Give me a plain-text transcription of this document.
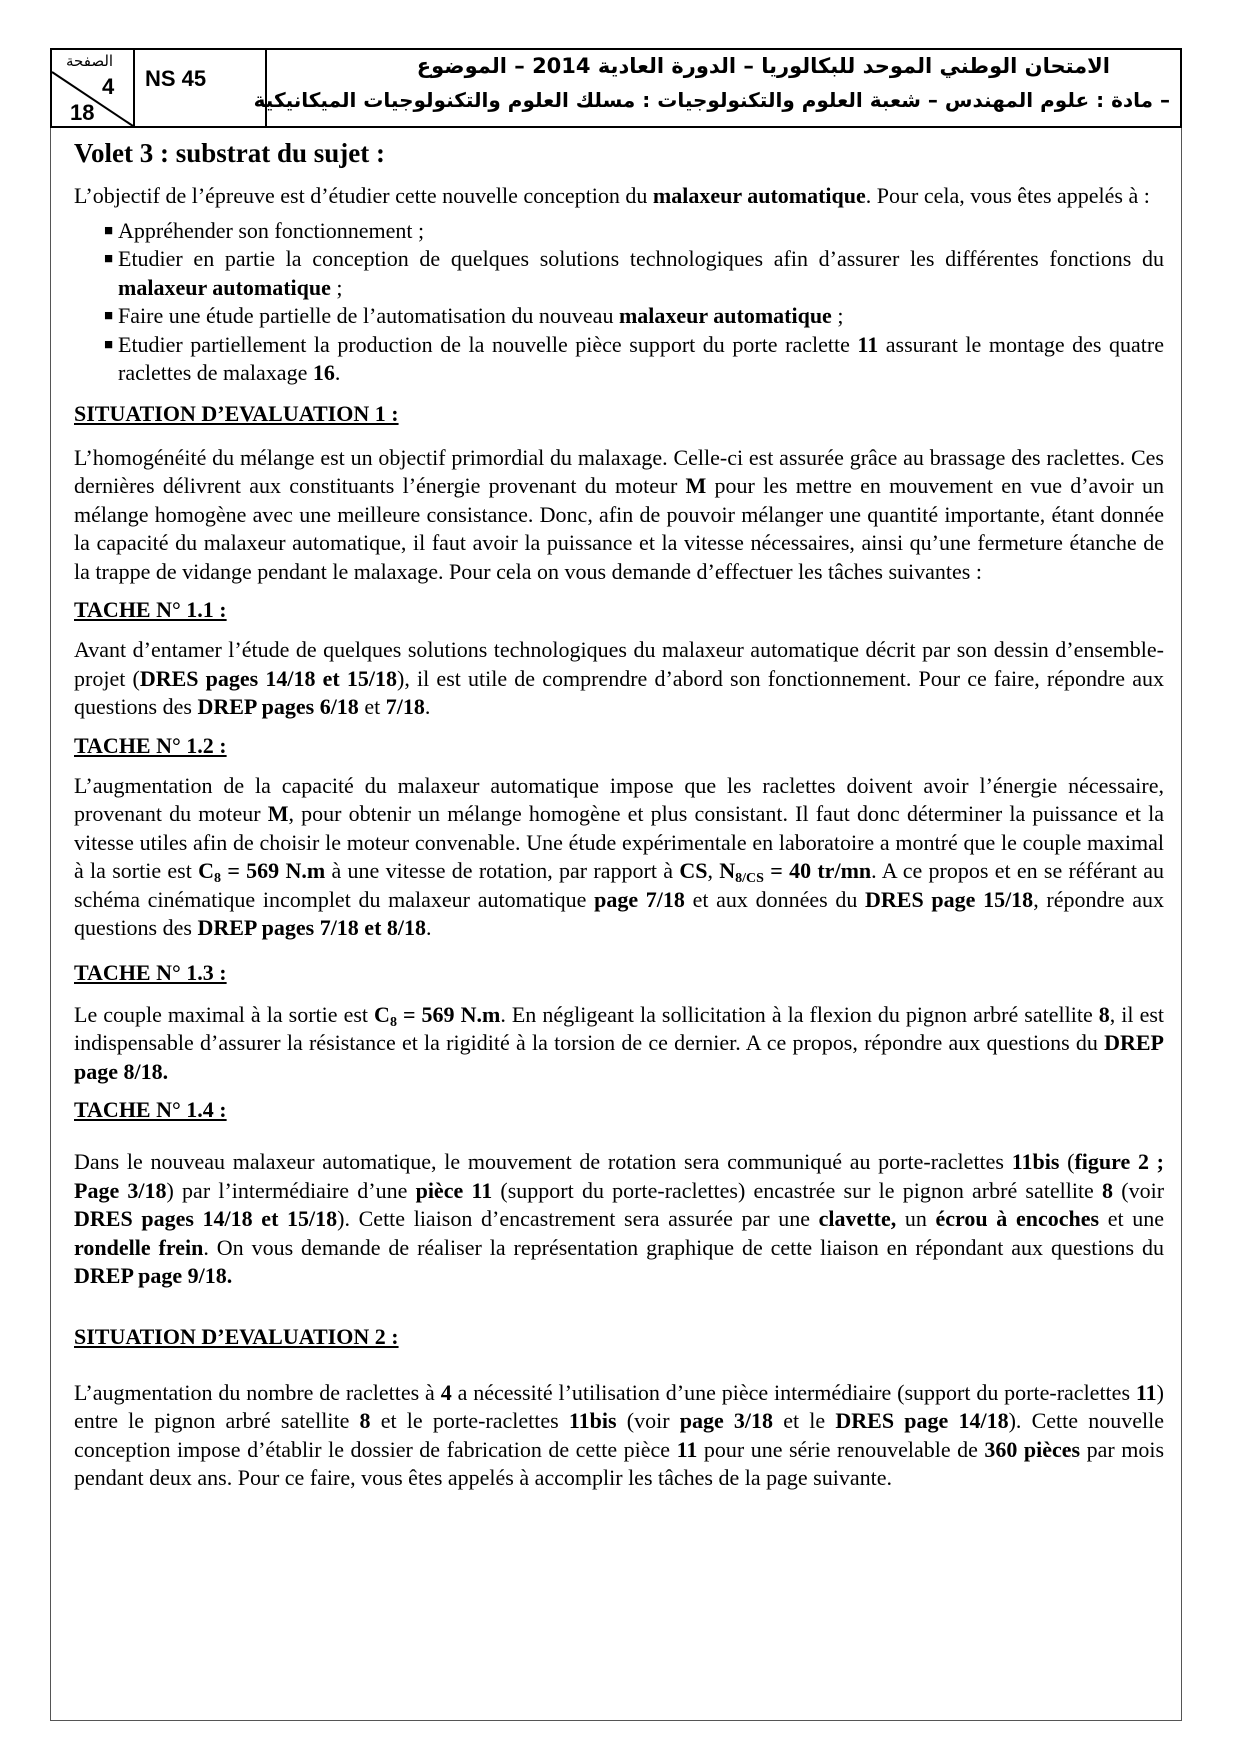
الصفحة
4
18
NS 45	الامتحان الوطني الموحد للبكالوريا – الدورة العادية 2014 – الموضوع
– مادة : علوم المهندس – شعبة العلوم والتكنولوجيات : مسلك العلوم والتكنولوجيات الميكانيكية
Volet 3 : substrat du sujet :

L’objectif de l’épreuve est d’étudier cette nouvelle conception du malaxeur automatique. Pour cela, vous êtes appelés à :

■ Appréhender son fonctionnement ;
■ Etudier en partie la conception de quelques solutions technologiques afin d’assurer les différentes fonctions du malaxeur automatique ;
■ Faire une étude partielle de l’automatisation du nouveau malaxeur automatique ;
■ Etudier partiellement la production de la nouvelle pièce support du porte raclette 11 assurant le montage des quatre raclettes de malaxage 16.
SITUATION D’EVALUATION 1 :

L’homogénéité du mélange est un objectif primordial du malaxage. Celle-ci est assurée grâce au brassage des raclettes. Ces dernières délivrent aux constituants l’énergie provenant du moteur M pour les mettre en mouvement en vue d’avoir un mélange homogène avec une meilleure consistance. Donc, afin de pouvoir mélanger une quantité importante, étant donnée la capacité du malaxeur automatique, il faut avoir la puissance et la vitesse nécessaires, ainsi qu’une fermeture étanche de la trappe de vidange pendant le malaxage. Pour cela on vous demande d’effectuer les tâches suivantes :

TACHE N° 1.1 :

Avant d’entamer l’étude de quelques solutions technologiques du malaxeur automatique décrit par son dessin d’ensemble-projet (DRES pages 14/18 et 15/18), il est utile de comprendre d’abord son fonctionnement. Pour ce faire, répondre aux questions des DREP pages 6/18 et 7/18.

TACHE N° 1.2 :

L’augmentation de la capacité du malaxeur automatique impose que les raclettes doivent avoir l’énergie nécessaire, provenant du moteur M, pour obtenir un mélange homogène et plus consistant. Il faut donc déterminer la puissance et la vitesse utiles afin de choisir le moteur convenable. Une étude expérimentale en laboratoire a montré que le couple maximal à la sortie est $C_8 = 569$ N.m à une vitesse de rotation, par rapport à CS, $N_{8/CS} = 40$ tr/mn. A ce propos et en se référant au schéma cinématique incomplet du malaxeur automatique page 7/18 et aux données du DRES page 15/18, répondre aux questions des DREP pages 7/18 et 8/18.

TACHE N° 1.3 :

Le couple maximal à la sortie est $C_8 = 569$ N.m. En négligeant la sollicitation à la flexion du pignon arbré satellite 8, il est indispensable d’assurer la résistance et la rigidité à la torsion de ce dernier. A ce propos, répondre aux questions du DREP page 8/18.

TACHE N° 1.4 :

Dans le nouveau malaxeur automatique, le mouvement de rotation sera communiqué au porte-raclettes 11bis (figure 2 ; Page 3/18) par l’intermédiaire d’une pièce 11 (support du porte-raclettes) encastrée sur le pignon arbré satellite 8 (voir DRES pages 14/18 et 15/18). Cette liaison d’encastrement sera assurée par une clavette, un écrou à encoches et une rondelle frein. On vous demande de réaliser la représentation graphique de cette liaison en répondant aux questions du DREP page 9/18.

SITUATION D’EVALUATION 2 :

L’augmentation du nombre de raclettes à 4 a nécessité l’utilisation d’une pièce intermédiaire (support du porte-raclettes 11) entre le pignon arbré satellite 8 et le porte-raclettes 11bis (voir page 3/18 et le DRES page 14/18). Cette nouvelle conception impose d’établir le dossier de fabrication de cette pièce 11 pour une série renouvelable de 360 pièces par mois pendant deux ans. Pour ce faire, vous êtes appelés à accomplir les tâches de la page suivante.
